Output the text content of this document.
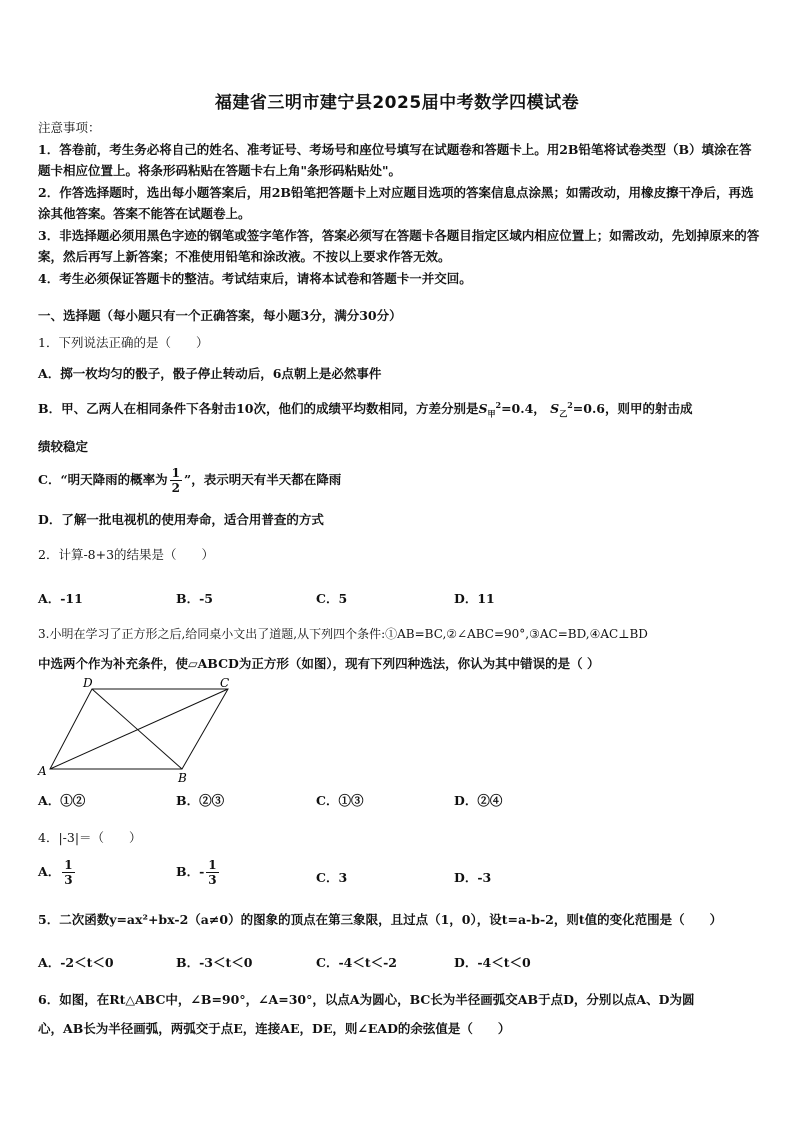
福建省三明市建宁县2025届中考数学四模试卷
注意事项：
1．答卷前，考生务必将自己的姓名、准考证号、考场号和座位号填写在试题卷和答题卡上。用2B铅笔将试卷类型（B）填涂在答题卡相应位置上。将条形码粘贴在答题卡右上角"条形码粘贴处"。
2．作答选择题时，选出每小题答案后，用2B铅笔把答题卡上对应题目选项的答案信息点涂黑；如需改动，用橡皮擦干净后，再选涂其他答案。答案不能答在试题卷上。
3．非选择题必须用黑色字迹的钢笔或签字笔作答，答案必须写在答题卡各题目指定区域内相应位置上；如需改动，先划掉原来的答案，然后再写上新答案；不准使用铅笔和涂改液。不按以上要求作答无效。
4．考生必须保证答题卡的整洁。考试结束后，请将本试卷和答题卡一并交回。
一、选择题（每小题只有一个正确答案，每小题3分，满分30分）
1．下列说法正确的是（　　）
A．掷一枚均匀的骰子，骰子停止转动后，6点朝上是必然事件
B．甲、乙两人在相同条件下各射击10次，他们的成绩平均数相同，方差分别是$S_甲^2=0.4$， $S_乙^2=0.6$，则甲的射击成
绩较稳定
C．“明天降雨的概率为 $\frac{1}{2}$ ”，表示明天有半天都在降雨
D．了解一批电视机的使用寿命，适合用普查的方式
2．计算-8+3的结果是（　　）
A．-11	B．-5	C．5	D．11
3.小明在学习了正方形之后,给同桌小文出了道题,从下列四个条件:①AB=BC,②∠ABC=90°,③AC=BD,④AC⊥BD
中选两个作为补充条件，使▱ABCD为正方形（如图），现有下列四种选法，你认为其中错误的是（ ）
A	B
C
D
A．①②	B．②③	C．①③	D．②④
4．|-3|＝（　　）
A． $\frac{1}{3}$	B．- $\frac{1}{3}$	C．3	D．-3
5．二次函数y=ax²+bx-2（a≠0）的图象的顶点在第三象限，且过点（1，0），设t=a-b-2，则t值的变化范围是（　　）
A．-2＜t＜0	B．-3＜t＜0	C．-4＜t＜-2	D．-4＜t＜0
6．如图，在Rt△ABC中，∠B=90°，∠A=30°，以点A为圆心，BC长为半径画弧交AB于点D，分别以点A、D为圆
心，AB长为半径画弧，两弧交于点E，连接AE，DE，则∠EAD的余弦值是（　　）
